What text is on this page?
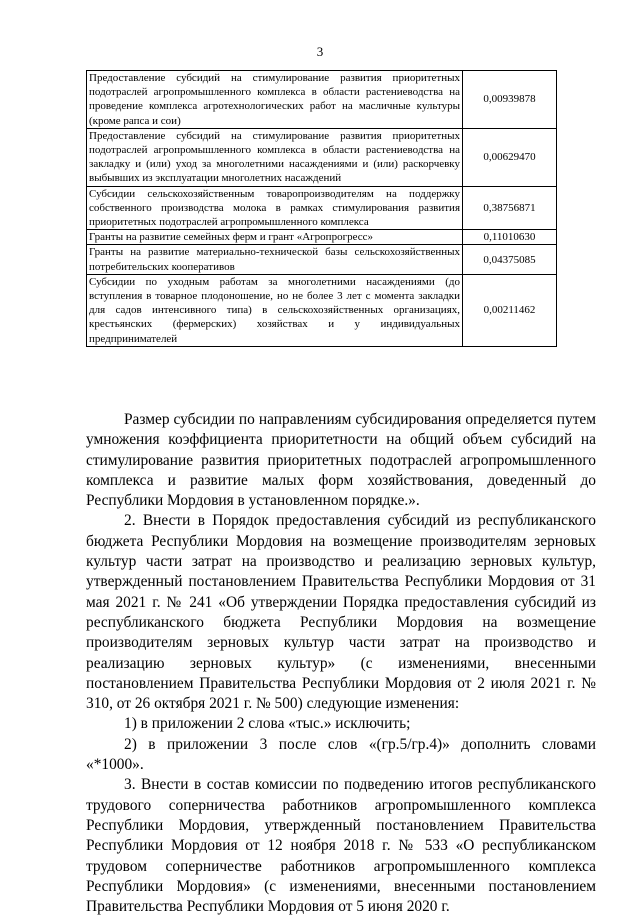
3
Предоставление субсидий на стимулирование развития приоритетных подотраслей агропромышленного комплекса в области растениеводства на проведение комплекса агротехнологических работ на масличные культуры (кроме рапса и сои)	0,00939878
Предоставление субсидий на стимулирование развития приоритетных подотраслей агропромышленного комплекса в области растениеводства на закладку и (или) уход за многолетними насаждениями и (или) раскорчевку выбывших из эксплуатации многолетних насаждений	0,00629470
Субсидии сельскохозяйственным товаропроизводителям на поддержку собственного производства молока в рамках стимулирования развития приоритетных подотраслей агропромышленного комплекса	0,38756871
Гранты на развитие семейных ферм и грант «Агропрогресс»	0,11010630
Гранты на развитие материально-технической базы сельскохозяйственных потребительских кооперативов	0,04375085
Субсидии по уходным работам за многолетними насаждениями (до вступления в товарное плодоношение, но не более 3 лет с момента закладки для садов интенсивного типа) в сельскохозяйственных организациях, крестьянских (фермерских) хозяйствах и у индивидуальных предпринимателей	0,00211462

Размер субсидии по направлениям субсидирования определяется путем умножения коэффициента приоритетности на общий объем субсидий на стимулирование развития приоритетных подотраслей агропромышленного комплекса и развитие малых форм хозяйствования, доведенный до Республики Мордовия в установленном порядке.».

2. Внести в Порядок предоставления субсидий из республиканского бюджета Республики Мордовия на возмещение производителям зерновых культур части затрат на производство и реализацию зерновых культур, утвержденный постановлением Правительства Республики Мордовия от 31 мая 2021 г. № 241 «Об утверждении Порядка предоставления субсидий из республиканского бюджета Республики Мордовия на возмещение производителям зерновых культур части затрат на производство и реализацию зерновых культур» (с изменениями, внесенными постановлением Правительства Республики Мордовия от 2 июля 2021 г. № 310, от 26 октября 2021 г. № 500) следующие изменения:

1) в приложении 2 слова «тыс.» исключить;

2) в приложении 3 после слов «(гр.5/гр.4)» дополнить словами «*1000».

3. Внести в состав комиссии по подведению итогов республиканского трудового соперничества работников агропромышленного комплекса Республики Мордовия, утвержденный постановлением Правительства Республики Мордовия от 12 ноября 2018 г. № 533 «О республиканском трудовом соперничестве работников агропромышленного комплекса Республики Мордовия» (с изменениями, внесенными постановлением Правительства Республики Мордовия от 5 июня 2020 г.
